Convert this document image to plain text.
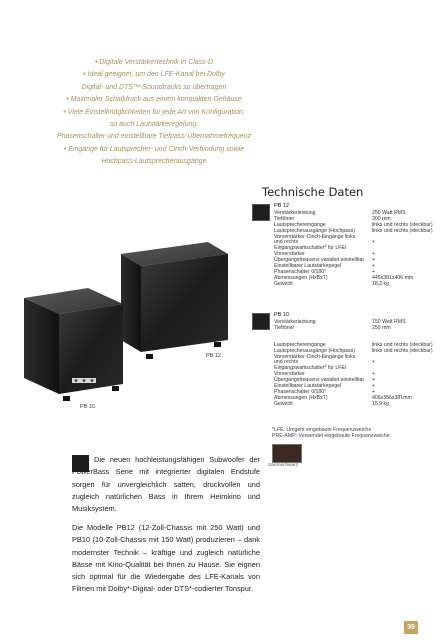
• Digitale Verstärkertechnik in Class-D
• Ideal geeignet, um den LFE-Kanal bei Dolby
Digital- und DTS™-Soundtracks zu übertragen
• Maximaler Schalldruck aus einem kompakten Gehäuse
• Viele Einstellmöglichkeiten für jede Art von Konfiguration,
so auch Lautstärkeregelung,
Phasenschalter und einstellbare Tiefpass-Übernahmefrequenz
• Eingänge für Lautsprecher- und Cinch-Verbindung sowie
Hochpass-Lautsprecherausgänge
PB 12
PB 10
Technische Daten
PB 12
Verstärkerleistung	250 Watt RMS
Tieftöner	300 mm
Lautsprechereingänge	links und rechts (steckbar)
Lautsprecherausgänge (Hochpass)	links und rechts (steckbar)
Vorverstärker-Cinch-Eingänge links
und rechts	+
Eingangswahlschalter* für LFE/
Vorverstärker	+
Übergangsfrequenz variabel einstellbar +
Einstellbarer Lautstärkepegel	+
Phasenschalter 0/180°	+
Abmessungen (HxBxT)	445x381x406 mm
Gewicht	18,2 kg
PB 10
Verstärkerleistung	150 Watt RMS
Tieftöner	250 mm
Lautsprechereingänge	links und rechts (steckbar)
Lautsprecherausgänge (Hochpass)	links und rechts (steckbar)
Vorverstärker-Cinch-Eingänge links
und rechts	+
Eingangswahlschalter* für LFE/
Vorverstärker	+
Übergangsfrequenz variabel einstellbar +
Einstellbarer Lautstärkepegel	+
Phasenschalter 0/180°	+
Abmessungen (HxBxT)	406x356x381mm
Gewicht	15,9 kg
*LFE: Umgeht eingebaute Frequenzweiche
PRE-AMP: Verwendet eingebaute Frequenzweiche
Santoschwarz

Die neuen hochleistungsfähigen Subwoofer der PowerBass Serie mit integrierter digitalen Endstufe sorgen für unvergleichlich satten, druckvollen und zugleich natürlichen Bass in Ihrem Heimkino und Musiksystem.

Die Modelle PB12 (12-Zoll-Chassis mit 250 Watt) und PB10 (10-Zoll-Chassis mit 150 Watt) produzieren – dank modernster Technik – kräftige und zugleich natürliche Bässe mit Kino-Qualität bei Ihnen zu Hause. Sie eignen sich optimal für die Wiedergabe des LFE-Kanals von Filmen mit Dolby*-Digital- oder DTS*-codierter Tonspur.

39
